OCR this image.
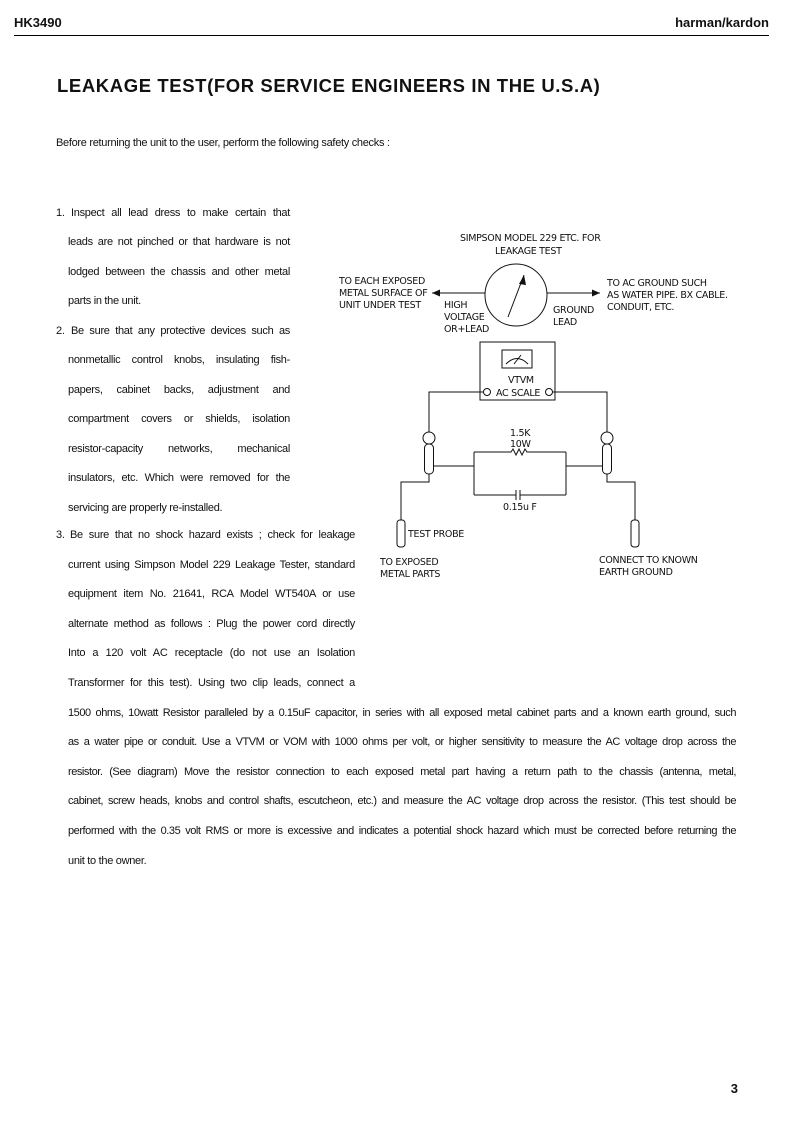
HK3490	harman/kardon
LEAKAGE TEST(FOR SERVICE ENGINEERS IN THE U.S.A)
Before returning the unit to the user, perform the following safety checks :
1. Inspect all lead dress to make certain that
leads are not pinched or that hardware is not
lodged between the chassis and other metal
parts in the unit.
2. Be sure that any protective devices such as
nonmetallic control knobs, insulating fish-
papers, cabinet backs, adjustment and
compartment covers or shields, isolation
resistor-capacity networks, mechanical
insulators, etc. Which were removed for the
servicing are properly re-installed.
3. Be sure that no shock hazard exists ; check for leakage
current using Simpson Model 229 Leakage Tester, standard
equipment item No. 21641, RCA Model WT540A or use
alternate method as follows : Plug the power cord directly
Into a 120 volt AC receptacle (do not use an Isolation
Transformer for this test). Using two clip leads, connect a
1500 ohms, 10watt Resistor paralleled by a 0.15uF capacitor, in series with all exposed metal cabinet parts and a known earth ground, such
as a water pipe or conduit. Use a VTVM or VOM with 1000 ohms per volt, or higher sensitivity to measure the AC voltage drop across the
resistor. (See diagram) Move the resistor connection to each exposed metal part having a return path to the chassis (antenna, metal,
cabinet, screw heads, knobs and control shafts, escutcheon, etc.) and measure the AC voltage drop across the resistor. (This test should be
performed with the 0.35 volt RMS or more is excessive and indicates a potential shock hazard which must be corrected before returning the
unit to the owner.
SIMPSON MODEL 229 ETC. FOR
LEAKAGE TEST
TO EACH EXPOSED
METAL SURFACE OF
UNIT UNDER TEST
TO AC GROUND SUCH
AS WATER PIPE. BX CABLE.
CONDUIT, ETC.
HIGH
VOLTAGE
OR+LEAD
GROUND
LEAD
VTVM
AC SCALE
1.5K
10W
0.15u F
TEST PROBE
TO EXPOSED
METAL PARTS
CONNECT TO KNOWN
EARTH GROUND
3
